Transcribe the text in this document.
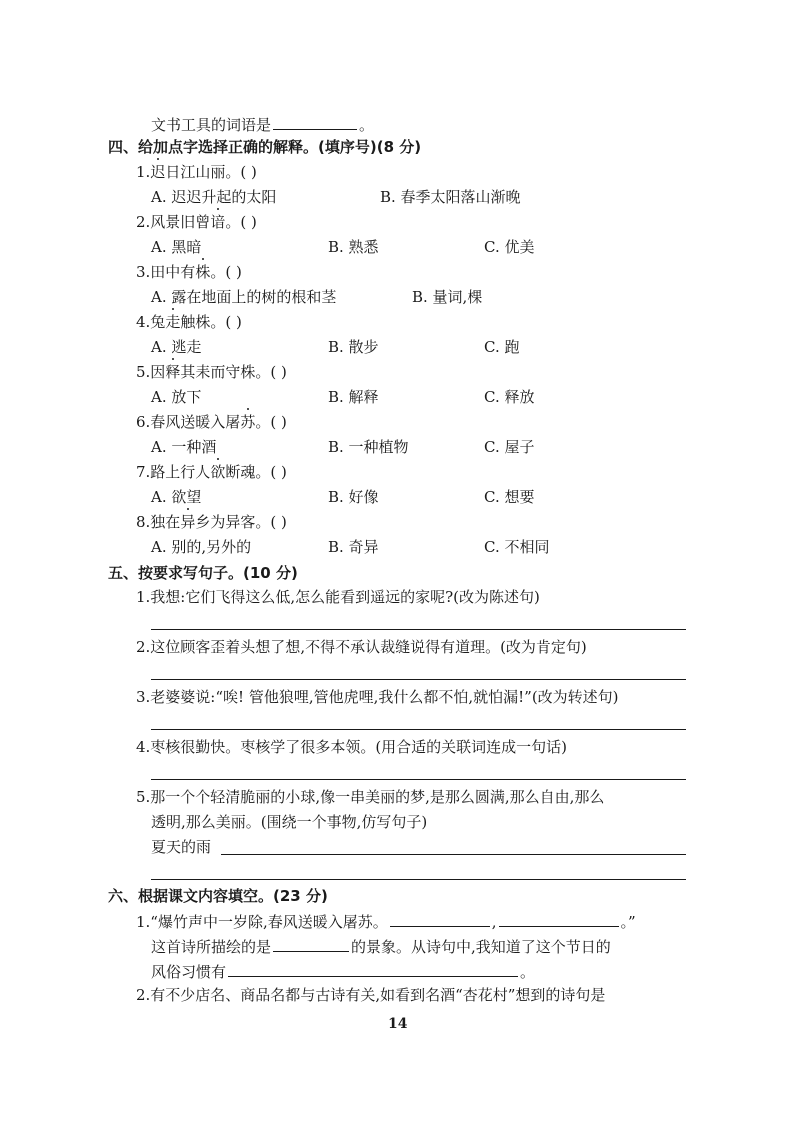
文书工具的词语是	。
四、给加点字选择正确的解释。(填序号)(8 分)
1.迟日江山丽。( )
A. 迟迟升起的太阳	B. 春季太阳落山渐晚
2.风景旧曾谙。( )
A. 黑暗	B. 熟悉	C. 优美
3.田中有株。( )
A. 露在地面上的树的根和茎	B. 量词,棵
4.兔走触株。( )
A. 逃走	B. 散步	C. 跑
5.因释其耒而守株。( )
A. 放下	B. 解释	C. 释放
6.春风送暖入屠苏。( )
A. 一种酒	B. 一种植物	C. 屋子
7.路上行人欲断魂。( )
A. 欲望	B. 好像	C. 想要
8.独在异乡为异客。( )
A. 别的,另外的	B. 奇异	C. 不相同
五、按要求写句子。(10 分)
1.我想:它们飞得这么低,怎么能看到遥远的家呢?(改为陈述句)
2.这位顾客歪着头想了想,不得不承认裁缝说得有道理。(改为肯定句)
3.老婆婆说:“唉! 管他狼哩,管他虎哩,我什么都不怕,就怕漏!”(改为转述句)
4.枣核很勤快。枣核学了很多本领。(用合适的关联词连成一句话)
5.那一个个轻清脆丽的小球,像一串美丽的梦,是那么圆满,那么自由,那么
透明,那么美丽。(围绕一个事物,仿写句子)
夏天的雨
六、根据课文内容填空。(23 分)
1.“爆竹声中一岁除,春风送暖入屠苏。	,	。”
这首诗所描绘的是	的景象。从诗句中,我知道了这个节日的
风俗习惯有	。
2.有不少店名、商品名都与古诗有关,如看到名酒“杏花村”想到的诗句是
14
